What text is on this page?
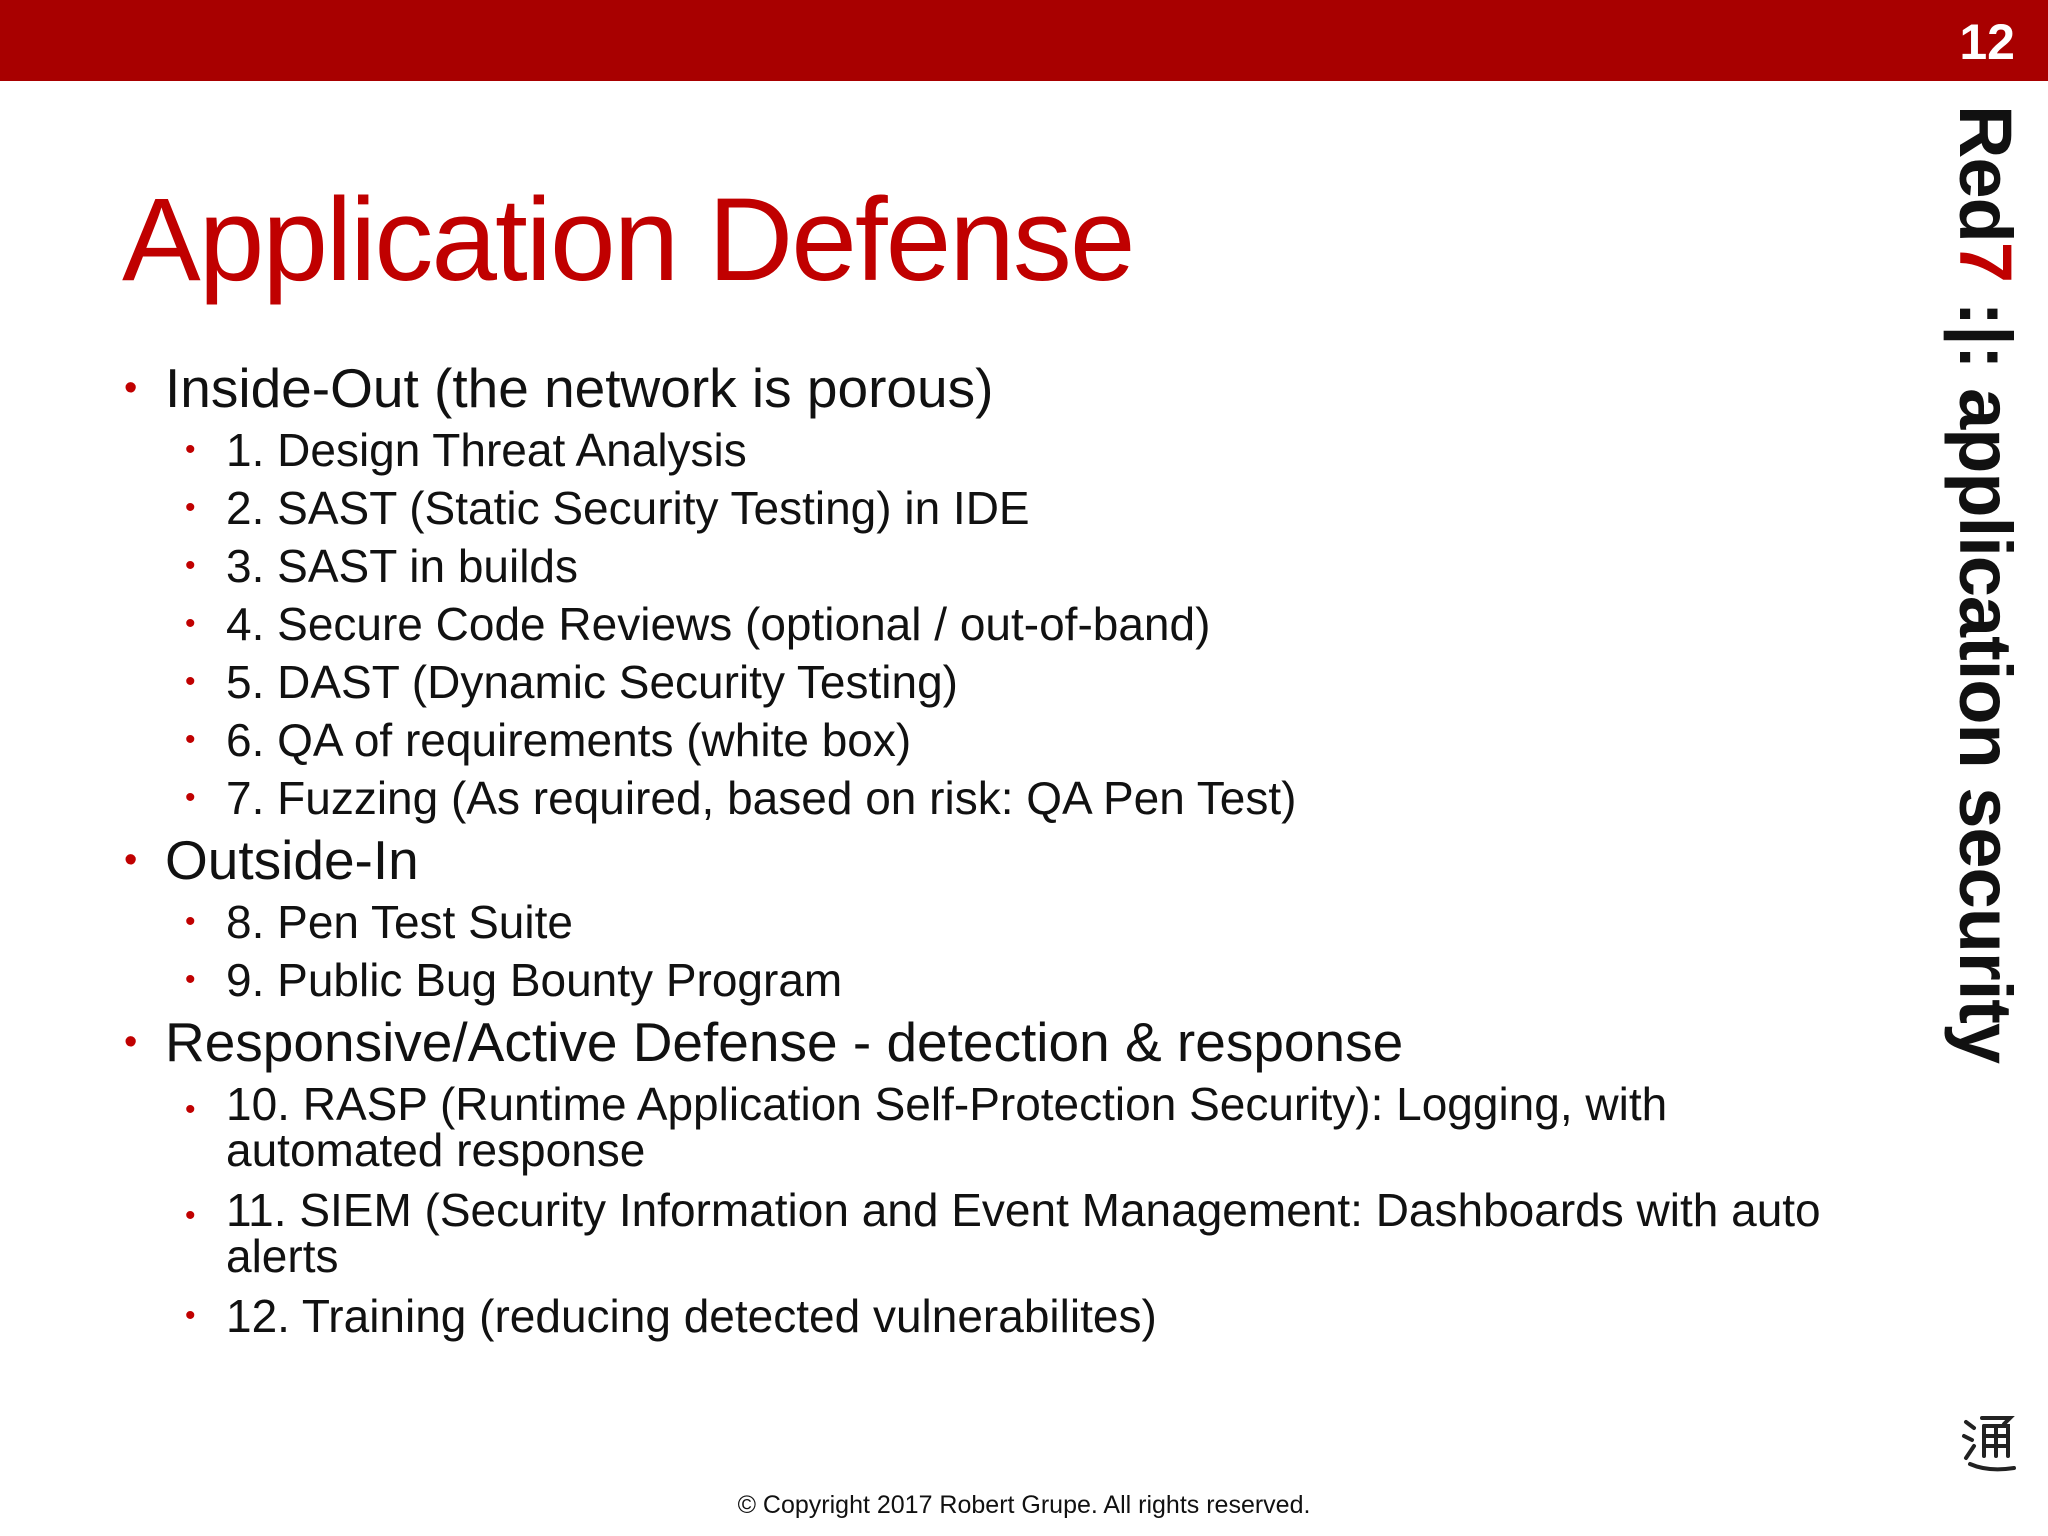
12
Application Defense
• Inside-Out (the network is porous)
• 1. Design Threat Analysis
• 2. SAST (Static Security Testing) in IDE
• 3. SAST in builds
• 4. Secure Code Reviews (optional / out-of-band)
• 5. DAST (Dynamic Security Testing)
• 6. QA of requirements (white box)
• 7. Fuzzing (As required, based on risk: QA Pen Test)
• Outside-In
• 8. Pen Test Suite
• 9. Public Bug Bounty Program
• Responsive/Active Defense - detection & response
• 10. RASP (Runtime Application Self-Protection Security): Logging, with automated response
• 11. SIEM (Security Information and Event Management: Dashboards with auto alerts
• 12. Training (reducing detected vulnerabilites)
Red7 :|: application security
© Copyright 2017 Robert Grupe. All rights reserved.
